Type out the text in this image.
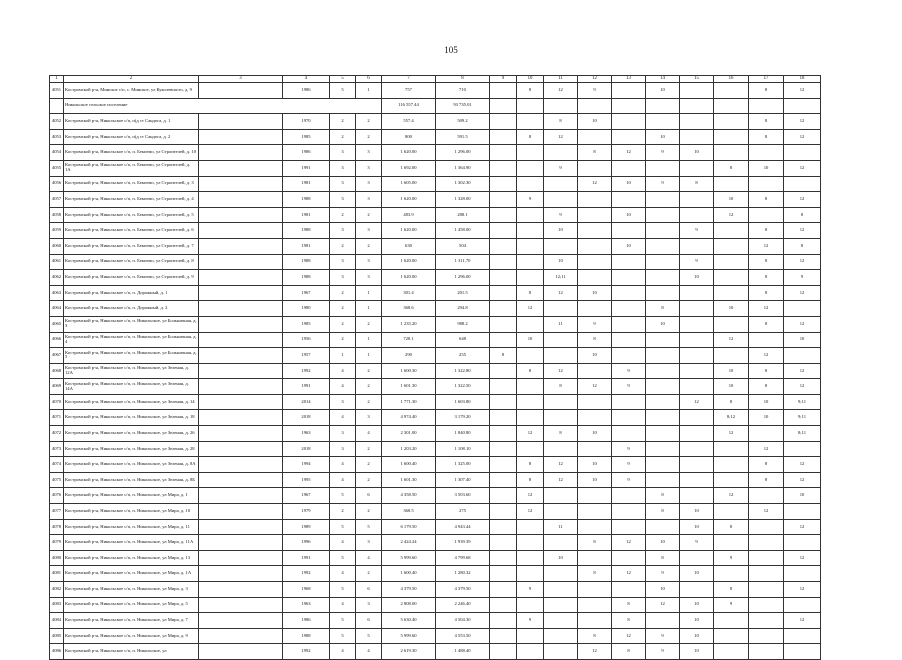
105
1	2	3	4	5	6	7	8	9	10	11	12	13	14	15	16	17	18
4051	Костромской р-н, Минское с/п, с. Минское, ул Куколевского, д. 9		1986	5	1	757	710		8	12	9		10			8	12
	Никольское сельское поселение					116 557.44	93 735.01										
4052	Костромской р-н, Никольское с/п, п(д ст Сандога, д. 1		1970	2	2	557.4	509.2			8	10					8	12
4053	Костромской р-н, Никольское с/п, п(д ст Сандога, д. 2		1985	2	2	800	591.5		8	12			10			8	12
4054	Костромской р-н, Никольское с/п, п. Бекпемо, ул Строителей, д. 10		1986	3	3	1 620.00	1 296.00				8	12	9	10			
4055	Костромской р-н, Никольское с/п, п. Бекпемо, ул Строителей, д. 1А		1991	3	3	1 692.00	1 364.90			9					8	10	12
4056	Костромской р-н, Никольское с/п, п. Бекпемо, ул Строителей, д. 3		1981	3	3	1 605.00	1 302.30				12	10	9	8			
4057	Костромской р-н, Никольское с/п, п. Бекпемо, ул Строителей, д. 4		1988	3	3	1 620.00	1 328.00		9						10	8	12
4058	Костромской р-н, Никольское с/п, п. Бекпемо, ул Строителей, д. 5		1981	2	2	483.9	288.1			9		10			12		8
4059	Костромской р-н, Никольское с/п, п. Бекпемо, ул Строителей, д. 6		1988	3	3	1 620.00	1 458.00			10				9		8	12
4060	Костромской р-н, Никольское с/п, п. Бекпемо, ул Строителей, д. 7		1981	2	2	630	504					10				12	8
4061	Костромской р-н, Никольское с/п, п. Бекпемо, ул Строителей, д. 8		1988	3	3	1 620.00	1 311.70			10				9		8	12
4062	Костромской р-н, Никольское с/п, п. Бекпемо, ул Строителей, д. 9		1988	3	3	1 620.00	1 296.00			12;11				10		8	9
4063	Костромской р-н, Никольское с/п, п. Дорожный, д. 1		1967	2	1	301.4	201.5		8	12	10					8	12
4064	Костромской р-н, Никольское с/п, п. Дорожный, д. 2		1980	2	1	368.6	294.8		12				8		10	12	
4065	Костромской р-н, Никольское с/п, п. Никольское, ул Больничная, д. 3		1985	2	2	1 235.20	988.2			11	9		10			8	12
4066	Костромской р-н, Никольское с/п, п. Никольское, ул Больничная, д. 4		1956	2	1	720.1	648		10		8				12		10
4067	Костромской р-н, Никольское с/п, п. Никольское, ул Больничная, д. 5		1957	1	1	290	255	8			10					12	
4068	Костромской р-н, Никольское с/п, п. Никольское, ул Зеленая, д. 12А		1992	4	2	1 600.30	1 322.80		8	12		9			10	8	12
4069	Костромской р-н, Никольское с/п, п. Никольское, ул Зеленая, д. 14А		1991	4	2	1 601.30	1 322.50			8	12	9			10	8	12
4070	Костромской р-н, Никольское с/п, п. Никольское, ул Зеленая, д. 14		2014	3	2	1 771.30	1 603.80							12	8	10	9;11
4071	Костромской р-н, Никольское с/п, п. Никольское, ул Зеленая, д. 18		2018	4	3	4 974.40	3 179.20								8;12	10	9;11
4072	Костромской р-н, Никольское с/п, п. Никольское, ул Зеленая, д. 26		1963	3	4	2 301.00	1 840.80		12	8	10				12		8;11
4073	Костромской р-н, Никольское с/п, п. Никольское, ул Зеленая, д. 28		2018	3	2	1 203.20	1 108.10					9				12	
4074	Костромской р-н, Никольское с/п, п. Никольское, ул Зеленая, д. 8А		1994	4	2	1 600.40	1 325.00		8	12	10	9				8	12
4075	Костромской р-н, Никольское с/п, п. Никольское, ул Зеленая, д. 8Б		1995	4	2	1 601.30	1 307.40		8	12	10	9				8	12
4076	Костромской р-н, Никольское с/п, п. Никольское, ул Мира, д. 1		1967	5	6	4 358.50	3 503.60		12				8		12		10
4077	Костромской р-н, Никольское с/п, п. Никольское, ул Мира, д. 10		1979	2	2	360.5	275		12				8	10		12	
4078	Костромской р-н, Никольское с/п, п. Никольское, ул Мира, д. 11		1989	5	5	6 179.50	4 943.44			11				10	8		12
4079	Костромской р-н, Никольское с/п, п. Никольское, ул Мира, д. 11А		1996	4	3	2 424.24	1 939.39				8	12	10	9			
4080	Костромской р-н, Никольское с/п, п. Никольское, ул Мира, д. 13		1991	5	4	5 999.60	4 799.68			10			8		9		12
4081	Костромской р-н, Никольское с/п, п. Никольское, ул Мира, д. 1А		1992	4	2	1 600.40	1 280.32				8	12	9	10			
4082	Костромской р-н, Никольское с/п, п. Никольское, ул Мира, д. 3		1968	5	6	4 379.50	4 379.50		9				10		8		12
4083	Костромской р-н, Никольское с/п, п. Никольское, ул Мира, д. 5		1963	4	3	2 808.00	2 246.40					8	12	10	9		
4084	Костромской р-н, Никольское с/п, п. Никольское, ул Мира, д. 7		1986	5	6	5 630.40	4 504.30		9			8		10			12
4085	Костромской р-н, Никольское с/п, п. Никольское, ул Мира, д. 9		1988	5	5	5 999.60	4 553.50				8	12	9	10			
4086	Костромской р-н, Никольское с/п, п. Никольское, ул		1992	4	4	2 619.30	1 488.40				12	8	9	10			
